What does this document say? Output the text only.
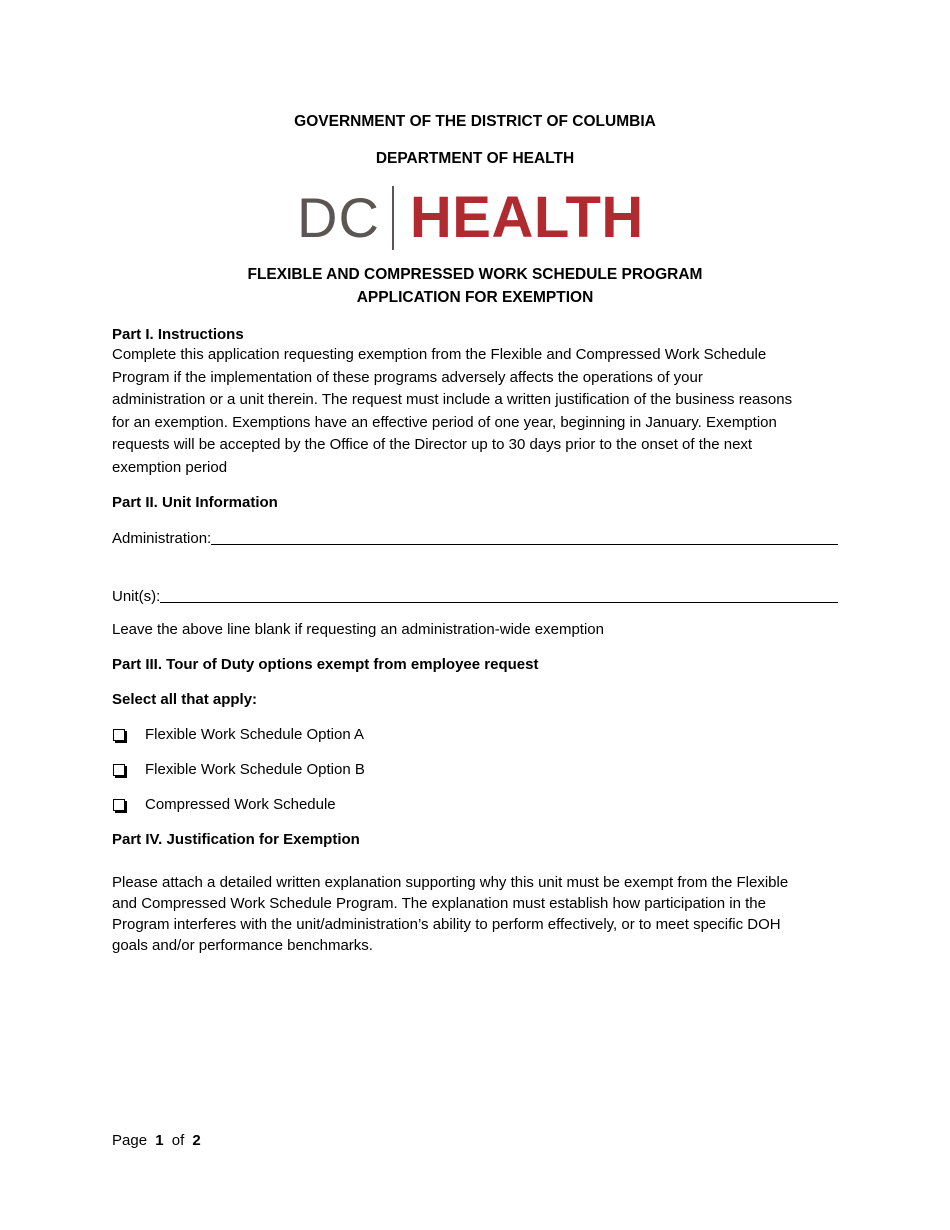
GOVERNMENT OF THE DISTRICT OF COLUMBIA
DEPARTMENT OF HEALTH
DC HEALTH
FLEXIBLE AND COMPRESSED WORK SCHEDULE PROGRAM
APPLICATION FOR EXEMPTION
Part I. Instructions
Complete this application requesting exemption from the Flexible and Compressed Work Schedule
Program if the implementation of these programs adversely affects the operations of your
administration or a unit therein. The request must include a written justification of the business reasons
for an exemption. Exemptions have an effective period of one year, beginning in January. Exemption
requests will be accepted by the Office of the Director up to 30 days prior to the onset of the next
exemption period
Part II. Unit Information
Administration:
Unit(s):
Leave the above line blank if requesting an administration-wide exemption
Part III. Tour of Duty options exempt from employee request
Select all that apply:
Flexible Work Schedule Option A
Flexible Work Schedule Option B
Compressed Work Schedule
Part IV. Justification for Exemption
Please attach a detailed written explanation supporting why this unit must be exempt from the Flexible
and Compressed Work Schedule Program. The explanation must establish how participation in the
Program interferes with the unit/administration’s ability to perform effectively, or to meet specific DOH
goals and/or performance benchmarks.
Page 1 of 2
